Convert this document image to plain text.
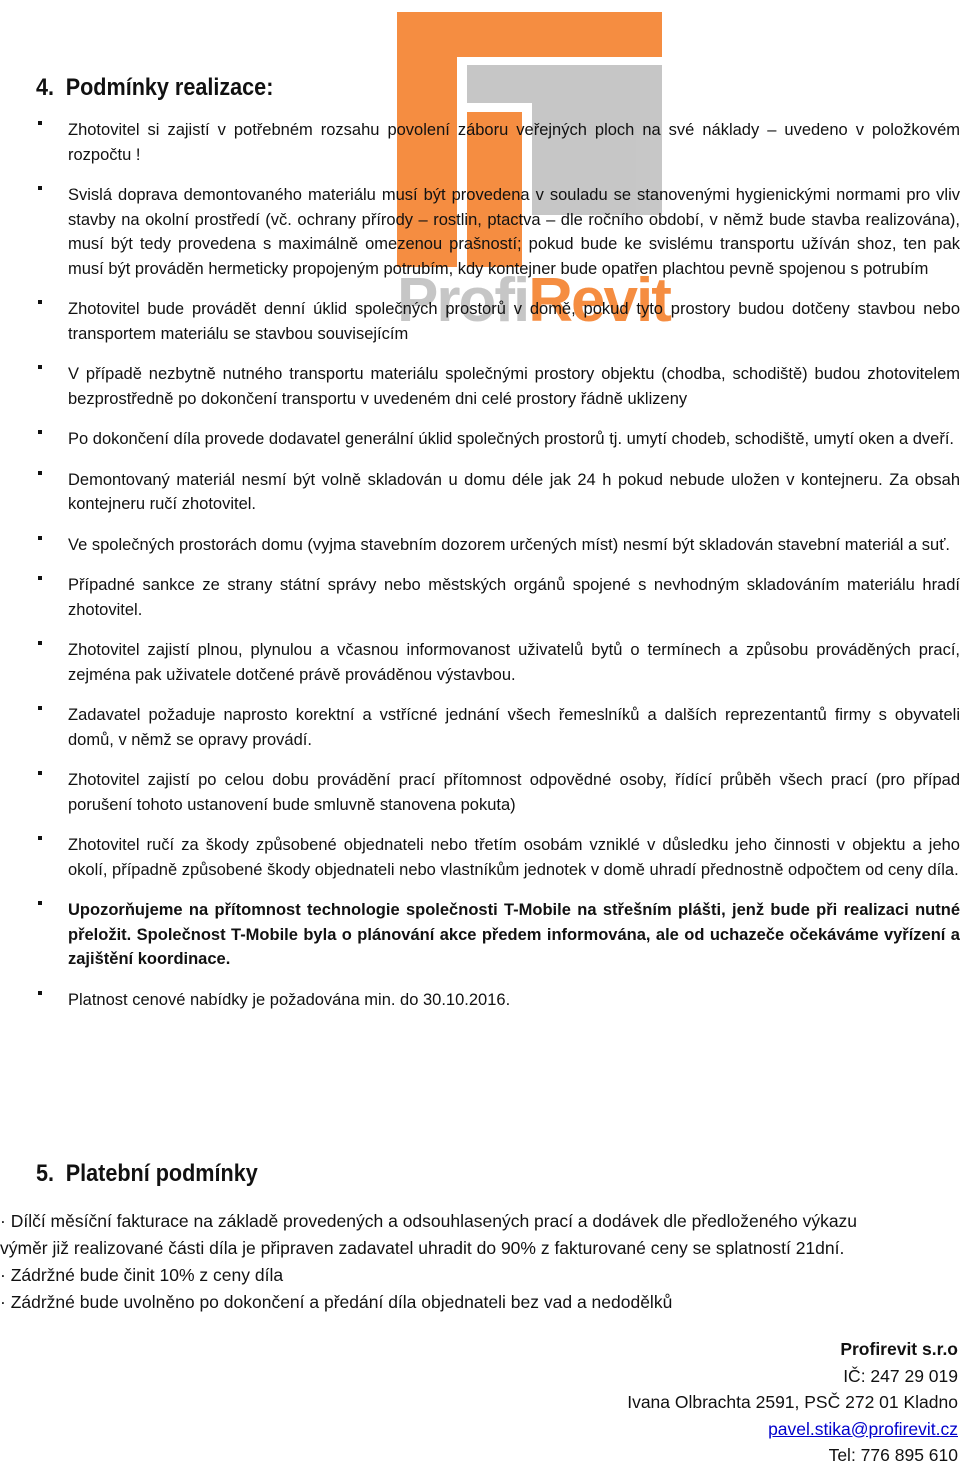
ProfiRevit
4. Podmínky realizace:
Zhotovitel si zajistí v potřebném rozsahu povolení záboru veřejných ploch na své náklady – uvedeno v položkovém rozpočtu !
Svislá doprava demontovaného materiálu musí být provedena v souladu se stanovenými hygienickými normami pro vliv stavby na okolní prostředí (vč. ochrany přírody – rostlin, ptactva – dle ročního období, v němž bude stavba realizována), musí být tedy provedena s maximálně omezenou prašností; pokud bude ke svislému transportu užíván shoz, ten pak musí být prováděn hermeticky propojeným potrubím, kdy kontejner bude opatřen plachtou pevně spojenou s potrubím
Zhotovitel bude provádět denní úklid společných prostorů v domě, pokud tyto prostory budou dotčeny stavbou nebo transportem materiálu se stavbou souvisejícím
V případě nezbytně nutného transportu materiálu společnými prostory objektu (chodba, schodiště) budou zhotovitelem bezprostředně po dokončení transportu v uvedeném dni celé prostory řádně uklizeny
Po dokončení díla provede dodavatel generální úklid společných prostorů tj. umytí chodeb, schodiště, umytí oken a dveří.
Demontovaný materiál nesmí být volně skladován u domu déle jak 24 h pokud nebude uložen v kontejneru. Za obsah kontejneru ručí zhotovitel.
Ve společných prostorách domu (vyjma stavebním dozorem určených míst) nesmí být skladován stavební materiál a suť.
Případné sankce ze strany státní správy nebo městských orgánů spojené s nevhodným skladováním materiálu hradí zhotovitel.
Zhotovitel zajistí plnou, plynulou a včasnou informovanost uživatelů bytů o termínech a způsobu prováděných prací, zejména pak uživatele dotčené právě prováděnou výstavbou.
Zadavatel požaduje naprosto korektní a vstřícné jednání všech řemeslníků a dalších reprezentantů firmy s obyvateli domů, v němž se opravy provádí.
Zhotovitel zajistí po celou dobu provádění prací přítomnost odpovědné osoby, řídící průběh všech prací (pro případ porušení tohoto ustanovení bude smluvně stanovena pokuta)
Zhotovitel ručí za škody způsobené objednateli nebo třetím osobám vzniklé v důsledku jeho činnosti v objektu a jeho okolí, případně způsobené škody objednateli nebo vlastníkům jednotek v domě uhradí přednostně odpočtem od ceny díla.
Upozorňujeme na přítomnost technologie společnosti T-Mobile na střešním plášti, jenž bude při realizaci nutné přeložit. Společnost T-Mobile byla o plánování akce předem informována, ale od uchazeče očekáváme vyřízení a zajištění koordinace.
Platnost cenové nabídky je požadována min. do 30.10.2016.
5. Platební podmínky
· Dílčí měsíční fakturace na základě provedených a odsouhlasených prací a dodávek dle předloženého výkazu
výměr již realizované části díla je připraven zadavatel uhradit do 90% z fakturované ceny se splatností 21dní.
· Zádržné bude činit 10% z ceny díla
· Zádržné bude uvolněno po dokončení a předání díla objednateli bez vad a nedodělků
Profirevit s.r.o
IČ: 247 29 019
Ivana Olbrachta 2591, PSČ 272 01 Kladno
pavel.stika@profirevit.cz
Tel: 776 895 610
